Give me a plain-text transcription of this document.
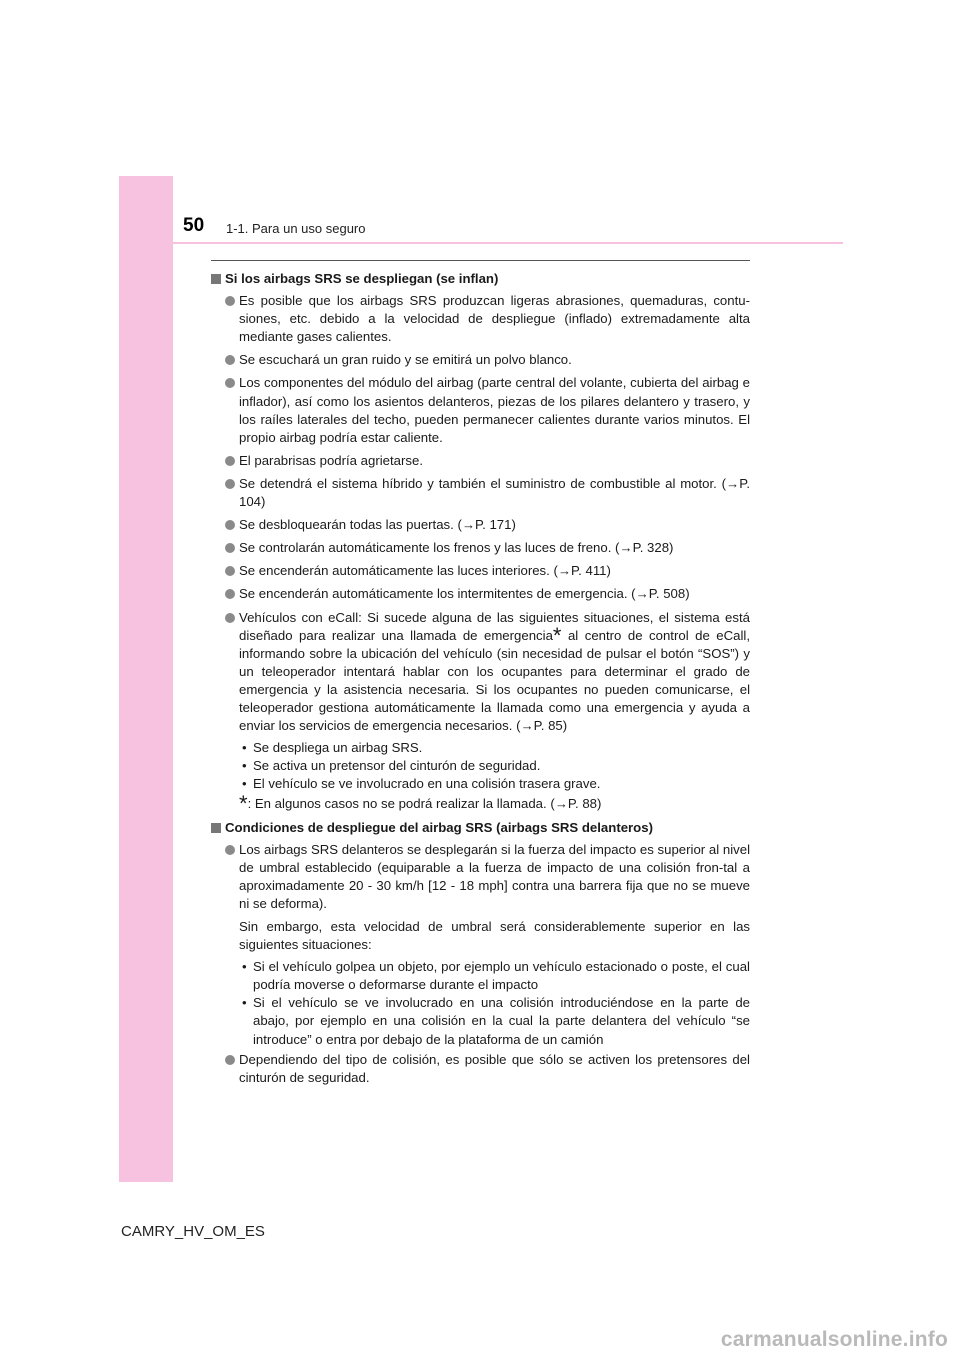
50 1-1. Para un uso seguro
Si los airbags SRS se despliegan (se inflan)
Es posible que los airbags SRS produzcan ligeras abrasiones, quemaduras, contu-siones, etc. debido a la velocidad de despliegue (inflado) extremadamente alta mediante gases calientes.
Se escuchará un gran ruido y se emitirá un polvo blanco.
Los componentes del módulo del airbag (parte central del volante, cubierta del airbag e inflador), así como los asientos delanteros, piezas de los pilares delantero y trasero, y los raíles laterales del techo, pueden permanecer calientes durante varios minutos. El propio airbag podría estar caliente.
El parabrisas podría agrietarse.
Se detendrá el sistema híbrido y también el suministro de combustible al motor. (→P. 104)
Se desbloquearán todas las puertas. (→P. 171)
Se controlarán automáticamente los frenos y las luces de freno. (→P. 328)
Se encenderán automáticamente las luces interiores. (→P. 411)
Se encenderán automáticamente los intermitentes de emergencia. (→P. 508)
Vehículos con eCall: Si sucede alguna de las siguientes situaciones, el sistema está diseñado para realizar una llamada de emergencia* al centro de control de eCall, informando sobre la ubicación del vehículo (sin necesidad de pulsar el botón “SOS”) y un teleoperador intentará hablar con los ocupantes para determinar el grado de emergencia y la asistencia necesaria. Si los ocupantes no pueden comunicarse, el teleoperador gestiona automáticamente la llamada como una emergencia y ayuda a enviar los servicios de emergencia necesarios. (→P. 85)
• Se despliega un airbag SRS.
• Se activa un pretensor del cinturón de seguridad.
• El vehículo se ve involucrado en una colisión trasera grave.
*: En algunos casos no se podrá realizar la llamada. (→P. 88)
Condiciones de despliegue del airbag SRS (airbags SRS delanteros)
Los airbags SRS delanteros se desplegarán si la fuerza del impacto es superior al nivel de umbral establecido (equiparable a la fuerza de impacto de una colisión fron-tal a aproximadamente 20 - 30 km/h [12 - 18 mph] contra una barrera fija que no se mueve ni se deforma).
Sin embargo, esta velocidad de umbral será considerablemente superior en las siguientes situaciones:
• Si el vehículo golpea un objeto, por ejemplo un vehículo estacionado o poste, el cual podría moverse o deformarse durante el impacto
• Si el vehículo se ve involucrado en una colisión introduciéndose en la parte de abajo, por ejemplo en una colisión en la cual la parte delantera del vehículo “se introduce” o entra por debajo de la plataforma de un camión
Dependiendo del tipo de colisión, es posible que sólo se activen los pretensores del cinturón de seguridad.
CAMRY_HV_OM_ES
carmanualsonline.info
